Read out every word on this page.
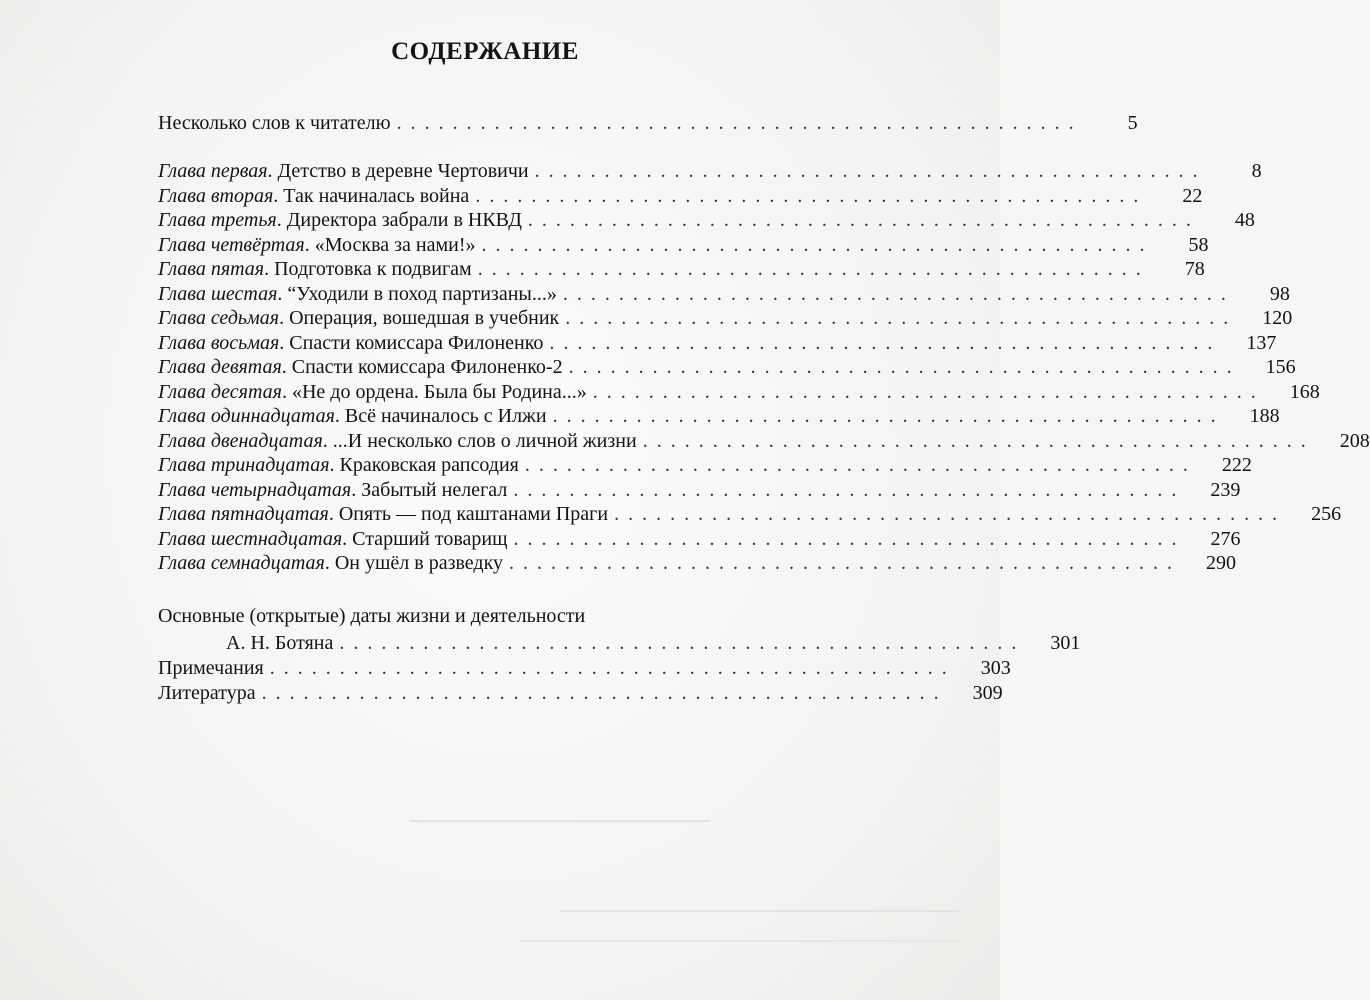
СОДЕРЖАНИЕ
Несколько слов к читателю . . . . . . . . . . . . . . . . . . . . . . . . . . . . . . . . . . . . . . . . . . . . . . . . .	5
Глава первая. Детство в деревне Чертовичи . . . . . . . . . . . . . . . . . . . . . . . . . . . . . . . . . . . . . . . . . . . . . . . .	8
Глава вторая. Так начиналась война . . . . . . . . . . . . . . . . . . . . . . . . . . . . . . . . . . . . . . . . . . . . . . . .	22
Глава третья. Директора забрали в НКВД . . . . . . . . . . . . . . . . . . . . . . . . . . . . . . . . . . . . . . . . . . . . . . . .	48
Глава четвёртая. «Москва за нами!» . . . . . . . . . . . . . . . . . . . . . . . . . . . . . . . . . . . . . . . . . . . . . . . .	58
Глава пятая. Подготовка к подвигам . . . . . . . . . . . . . . . . . . . . . . . . . . . . . . . . . . . . . . . . . . . . . . . .	78
Глава шестая. “Уходили в поход партизаны...» . . . . . . . . . . . . . . . . . . . . . . . . . . . . . . . . . . . . . . . . . . . . . . . .	98
Глава седьмая. Операция, вошедшая в учебник . . . . . . . . . . . . . . . . . . . . . . . . . . . . . . . . . . . . . . . . . . . . . . . .	120
Глава восьмая. Спасти комиссара Филоненко . . . . . . . . . . . . . . . . . . . . . . . . . . . . . . . . . . . . . . . . . . . . . . . .	137
Глава девятая. Спасти комиссара Филоненко-2 . . . . . . . . . . . . . . . . . . . . . . . . . . . . . . . . . . . . . . . . . . . . . . . .	156
Глава десятая. «Не до ордена. Была бы Родина...» . . . . . . . . . . . . . . . . . . . . . . . . . . . . . . . . . . . . . . . . . . . . . . . .	168
Глава одиннадцатая. Всё начиналось с Илжи . . . . . . . . . . . . . . . . . . . . . . . . . . . . . . . . . . . . . . . . . . . . . . . .	188
Глава двенадцатая. ...И несколько слов о личной жизни . . . . . . . . . . . . . . . . . . . . . . . . . . . . . . . . . . . . . . . . . . . . . . . .	208
Глава тринадцатая. Краковская рапсодия . . . . . . . . . . . . . . . . . . . . . . . . . . . . . . . . . . . . . . . . . . . . . . . .	222
Глава четырнадцатая. Забытый нелегал . . . . . . . . . . . . . . . . . . . . . . . . . . . . . . . . . . . . . . . . . . . . . . . .	239
Глава пятнадцатая. Опять — под каштанами Праги . . . . . . . . . . . . . . . . . . . . . . . . . . . . . . . . . . . . . . . . . . . . . . . .	256
Глава шестнадцатая. Старший товарищ . . . . . . . . . . . . . . . . . . . . . . . . . . . . . . . . . . . . . . . . . . . . . . . .	276
Глава семнадцатая. Он ушёл в разведку . . . . . . . . . . . . . . . . . . . . . . . . . . . . . . . . . . . . . . . . . . . . . . . .	290
Основные (открытые) даты жизни и деятельности
А. Н. Ботяна . . . . . . . . . . . . . . . . . . . . . . . . . . . . . . . . . . . . . . . . . . . . . . . . .	301
Примечания . . . . . . . . . . . . . . . . . . . . . . . . . . . . . . . . . . . . . . . . . . . . . . . . .	303
Литература . . . . . . . . . . . . . . . . . . . . . . . . . . . . . . . . . . . . . . . . . . . . . . . . .	309
